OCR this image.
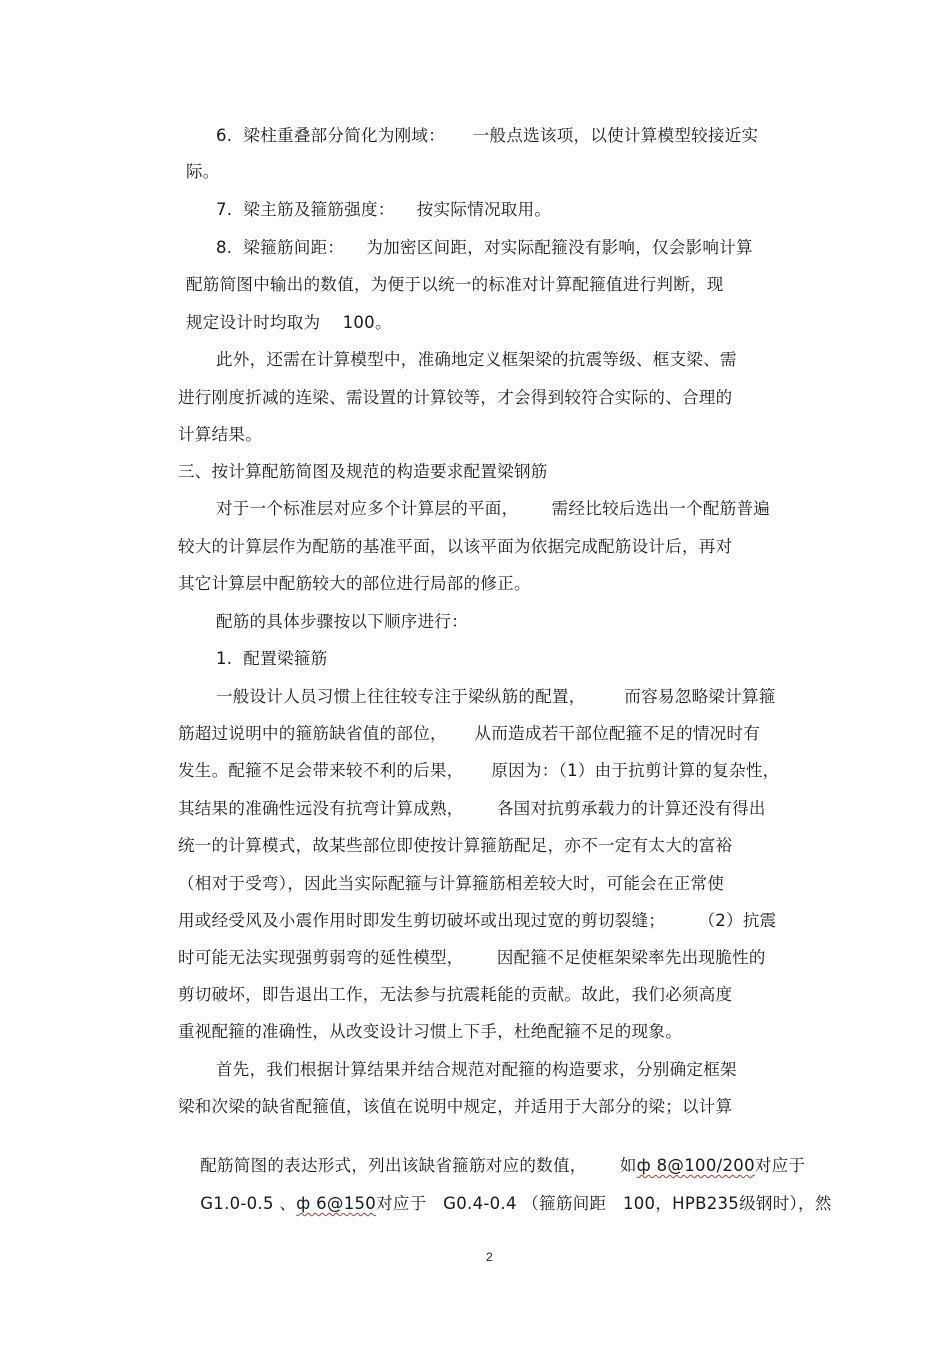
6.  梁柱重叠部分简化为刚域：     一般点选该项，以使计算模型较接近实
际。
7.  梁主筋及箍筋强度：    按实际情况取用。
8.  梁箍筋间距：    为加密区间距，对实际配箍没有影响，仅会影响计算
配筋简图中输出的数值，为便于以统一的标准对计算配箍值进行判断，现
规定设计时均取为    100。
此外，还需在计算模型中，准确地定义框架梁的抗震等级、框支梁、需
进行刚度折减的连梁、需设置的计算铰等，才会得到较符合实际的、合理的
计算结果。
三、按计算配筋简图及规范的构造要求配置梁钢筋
对于一个标准层对应多个计算层的平面，      需经比较后选出一个配筋普遍
较大的计算层作为配筋的基准平面，以该平面为依据完成配筋设计后，再对
其它计算层中配筋较大的部位进行局部的修正。
配筋的具体步骤按以下顺序进行：
1.  配置梁箍筋
一般设计人员习惯上往往较专注于梁纵筋的配置，       而容易忽略梁计算箍
筋超过说明中的箍筋缺省值的部位，     从而造成若干部位配箍不足的情况时有
发生。配箍不足会带来较不利的后果，     原因为：（1）由于抗剪计算的复杂性，
其结果的准确性远没有抗弯计算成熟，      各国对抗剪承载力的计算还没有得出
统一的计算模式，故某些部位即使按计算箍筋配足，亦不一定有太大的富裕
（相对于受弯），因此当实际配箍与计算箍筋相差较大时，可能会在正常使
用或经受风及小震作用时即发生剪切破坏或出现过宽的剪切裂缝；      （2）抗震
时可能无法实现强剪弱弯的延性模型，      因配箍不足使框架梁率先出现脆性的
剪切破坏，即告退出工作，无法参与抗震耗能的贡献。故此，我们必须高度
重视配箍的准确性，从改变设计习惯上下手，杜绝配箍不足的现象。
首先，我们根据计算结果并结合规范对配箍的构造要求，分别确定框架
梁和次梁的缺省配箍值，该值在说明中规定，并适用于大部分的梁；以计算

配筋简图的表达形式，列出该缺省箍筋对应的数值，      如ф 8@100/200对应于

G1.0-0.5 、ф 6@150对应于   G0.4-0.4 （箍筋间距   100，HPB235级钢时），然

2
